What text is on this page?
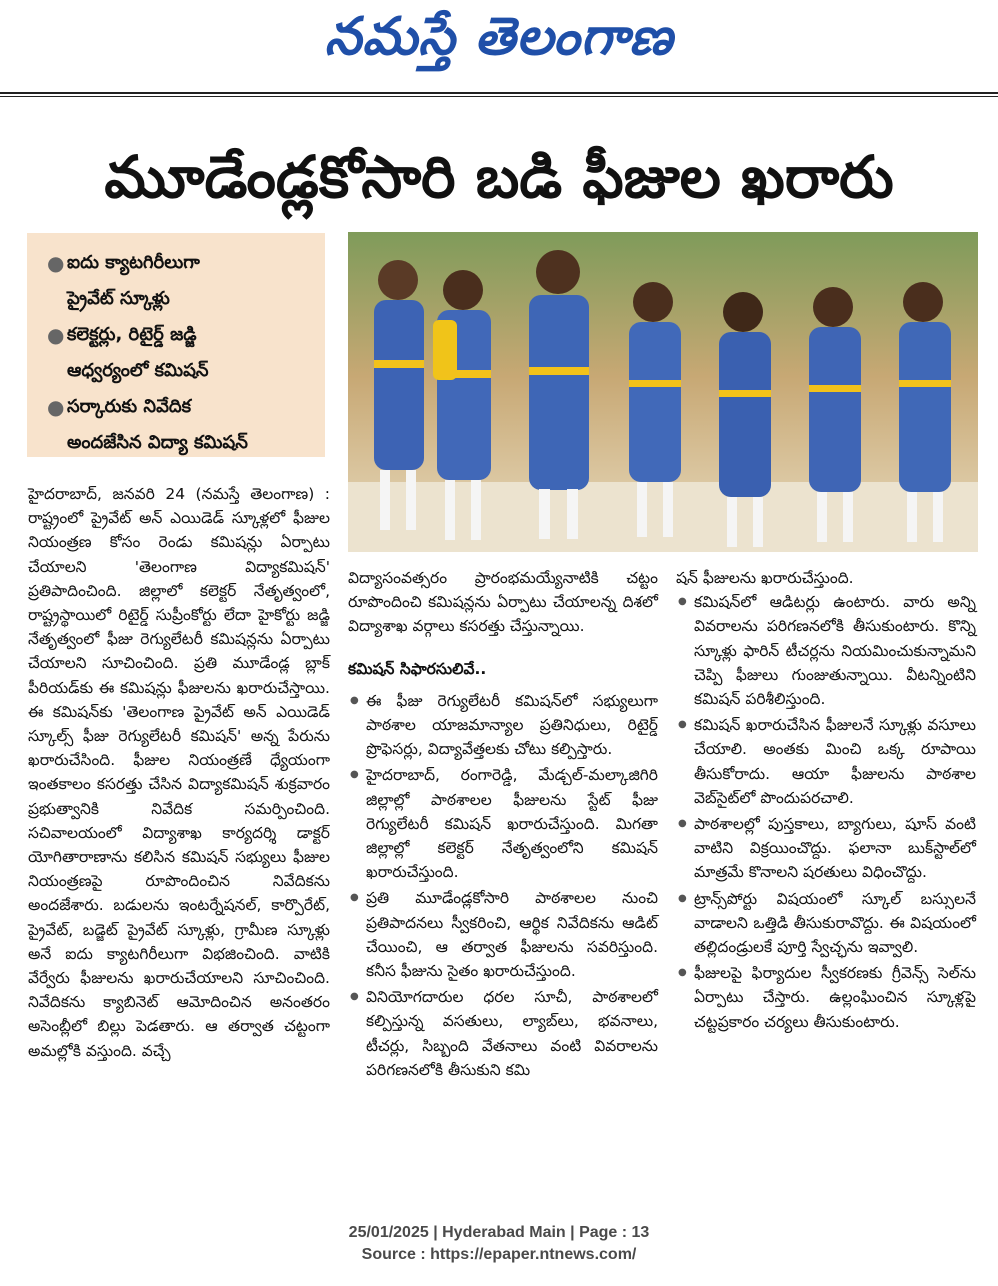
నమస్తే తెలంగాణ
మూడేండ్లకోసారి బడి ఫీజుల ఖరారు
● ఐదు క్యాటగిరీలుగా
ప్రైవేట్ స్కూళ్లు
● కలెక్టర్లు, రిటైర్డ్ జడ్జి
ఆధ్వర్యంలో కమిషన్
● సర్కారుకు నివేదిక
అందజేసిన విద్యా కమిషన్

హైదరాబాద్, జనవరి 24 (నమస్తే తెలంగాణ) : రాష్ట్రంలో ప్రైవేట్ అన్ ఎయిడెడ్ స్కూళ్లలో ఫీజుల నియంత్రణ కోసం రెండు కమిషన్లు ఏర్పాటు చేయాలని 'తెలంగాణ విద్యాకమిషన్' ప్రతిపాదించింది. జిల్లాలో కలెక్టర్ నేతృత్వంలో, రాష్ట్రస్థాయిలో రిటైర్డ్ సుప్రీంకోర్టు లేదా హైకోర్టు జడ్జి నేతృత్వంలో ఫీజు రెగ్యులేటరీ కమిషన్లను ఏర్పాటు చేయాలని సూచించింది. ప్రతి మూడేండ్ల బ్లాక్ పీరియడ్‌కు ఈ కమిషన్లు ఫీజులను ఖరారుచేస్తాయి. ఈ కమిషన్‌కు 'తెలంగాణ ప్రైవేట్ అన్ ఎయిడెడ్ స్కూల్స్ ఫీజు రెగ్యులేటరీ కమిషన్' అన్న పేరును ఖరారుచేసింది. ఫీజుల నియంత్రణే ధ్యేయంగా ఇంతకాలం కసరత్తు చేసిన విద్యాకమిషన్ శుక్రవారం ప్రభుత్వానికి నివేదిక సమర్పించింది. సచివాలయంలో విద్యాశాఖ కార్యదర్శి డాక్టర్ యోగితారాణాను కలిసిన కమిషన్ సభ్యులు ఫీజుల నియంత్రణపై రూపొందించిన నివేదికను అందజేశారు. బడులను ఇంటర్నేషనల్, కార్పొరేట్, ప్రైవేట్, బడ్జెట్ ప్రైవేట్ స్కూళ్లు, గ్రామీణ స్కూళ్లు అనే ఐదు క్యాటగిరీలుగా విభజించింది. వాటికి వేర్వేరు ఫీజులను ఖరారుచేయాలని సూచించింది. నివేదికను క్యాబినెట్ ఆమోదించిన అనంతరం అసెంబ్లీలో బిల్లు పెడతారు. ఆ తర్వాత చట్టంగా అమల్లోకి వస్తుంది. వచ్చే

విద్యాసంవత్సరం ప్రారంభమయ్యేనాటికి చట్టం రూపొందించి కమిషన్లను ఏర్పాటు చేయాలన్న దిశలో విద్యాశాఖ వర్గాలు కసరత్తు చేస్తున్నాయి.

కమిషన్ సిఫారసులివే..

● ఈ ఫీజు రెగ్యులేటరీ కమిషన్‌లో సభ్యులుగా పాఠశాల యాజమాన్యాల ప్రతినిధులు, రిటైర్డ్ ప్రొఫెసర్లు, విద్యావేత్తలకు చోటు కల్పిస్తారు.

● హైదరాబాద్, రంగారెడ్డి, మేడ్చల్-మల్కాజిగిరి జిల్లాల్లో పాఠశాలల ఫీజులను స్టేట్ ఫీజు రెగ్యులేటరీ కమిషన్ ఖరారుచేస్తుంది. మిగతా జిల్లాల్లో కలెక్టర్ నేతృత్వంలోని కమిషన్ ఖరారుచేస్తుంది.

● ప్రతి మూడేండ్లకోసారి పాఠశాలల నుంచి ప్రతిపాదనలు స్వీకరించి, ఆర్థిక నివేదికను ఆడిట్ చేయించి, ఆ తర్వాత ఫీజులను సవరిస్తుంది. కనీస ఫీజును సైతం ఖరారుచేస్తుంది.

● వినియోగదారుల ధరల సూచీ, పాఠశాలలో కల్పిస్తున్న వసతులు, ల్యాబ్‌లు, భవనాలు, టీచర్లు, సిబ్బంది వేతనాలు వంటి వివరాలను పరిగణనలోకి తీసుకుని కమి

షన్ ఫీజులను ఖరారుచేస్తుంది.

● కమిషన్‌లో ఆడిటర్లు ఉంటారు. వారు అన్ని వివరాలను పరిగణనలోకి తీసుకుంటారు. కొన్ని స్కూళ్లు ఫారిన్ టీచర్లను నియమించుకున్నామని చెప్పి ఫీజులు గుంజుతున్నాయి. వీటన్నింటిని కమిషన్ పరిశీలిస్తుంది.

● కమిషన్ ఖరారుచేసిన ఫీజులనే స్కూళ్లు వసూలు చేయాలి. అంతకు మించి ఒక్క రూపాయి తీసుకోరాదు. ఆయా ఫీజులను పాఠశాల వెబ్‌సైట్‌లో పొందుపరచాలి.

● పాఠశాలల్లో పుస్తకాలు, బ్యాగులు, షూస్ వంటి వాటిని విక్రయించొద్దు. ఫలానా బుక్‌స్టాల్‌లో మాత్రమే కొనాలని షరతులు విధించొద్దు.

● ట్రాన్స్‌పోర్టు విషయంలో స్కూల్ బస్సులనే వాడాలని ఒత్తిడి తీసుకురావొద్దు. ఈ విషయంలో తల్లిదండ్రులకే పూర్తి స్వేచ్ఛను ఇవ్వాలి.

● ఫీజులపై ఫిర్యాదుల స్వీకరణకు గ్రీవెన్స్ సెల్‌ను ఏర్పాటు చేస్తారు. ఉల్లంఘించిన స్కూళ్లపై చట్టప్రకారం చర్యలు తీసుకుంటారు.

25/01/2025 | Hyderabad Main | Page : 13
Source : https://epaper.ntnews.com/
